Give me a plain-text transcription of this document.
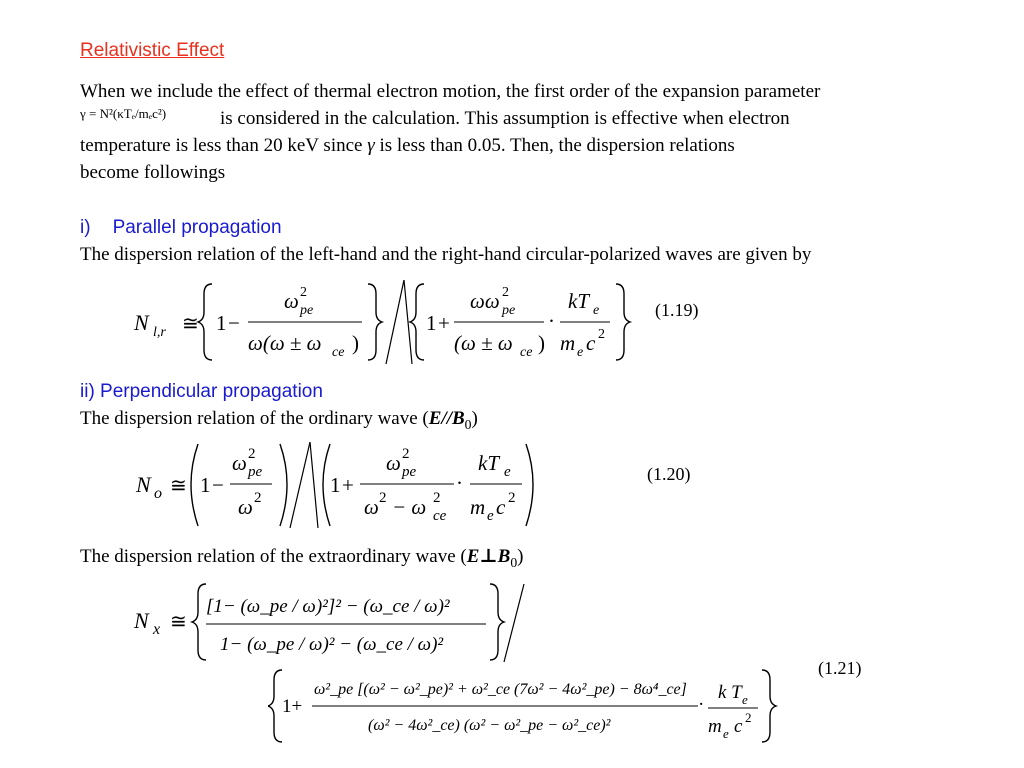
Relativistic Effect
When we include the effect of thermal electron motion, the first order of the expansion parameter
γ = N²(κTₑ/mₑc²)	is considered in the calculation. This assumption is effective when electron
temperature is less than 20 keV since γ is less than 0.05. Then, the dispersion relations
become followings
i) Parallel propagation
The dispersion relation of the left-hand and the right-hand circular-polarized waves are given by
N l,r ≅ 1 −
ω 2
pe
ω(ω ± ω ce )
1 +
ωω 2
pe
(ω ± ω ce )
·
kT e
m e c 2
(1.19)
ii) Perpendicular propagation
The dispersion relation of the ordinary wave $(E//B_0)$
N o ≅ 1 −
ω 2
pe
ω 2
1 +
ω 2
pe
ω 2 − ω 2
ce
·
kT e
m e c 2
(1.20)
The dispersion relation of the extraordinary wave $(E\perp B_0)$
N x ≅
[1− (ω_pe / ω)²]² − (ω_ce / ω)²
1− (ω_pe / ω)² − (ω_ce / ω)²
(1.21)
1+
ω²_pe [(ω² − ω²_pe)² + ω²_ce (7ω² − 4ω²_pe) − 8ω⁴_ce]
(ω² − 4ω²_ce) (ω² − ω²_pe − ω²_ce)²
·
k T e
m e c 2
